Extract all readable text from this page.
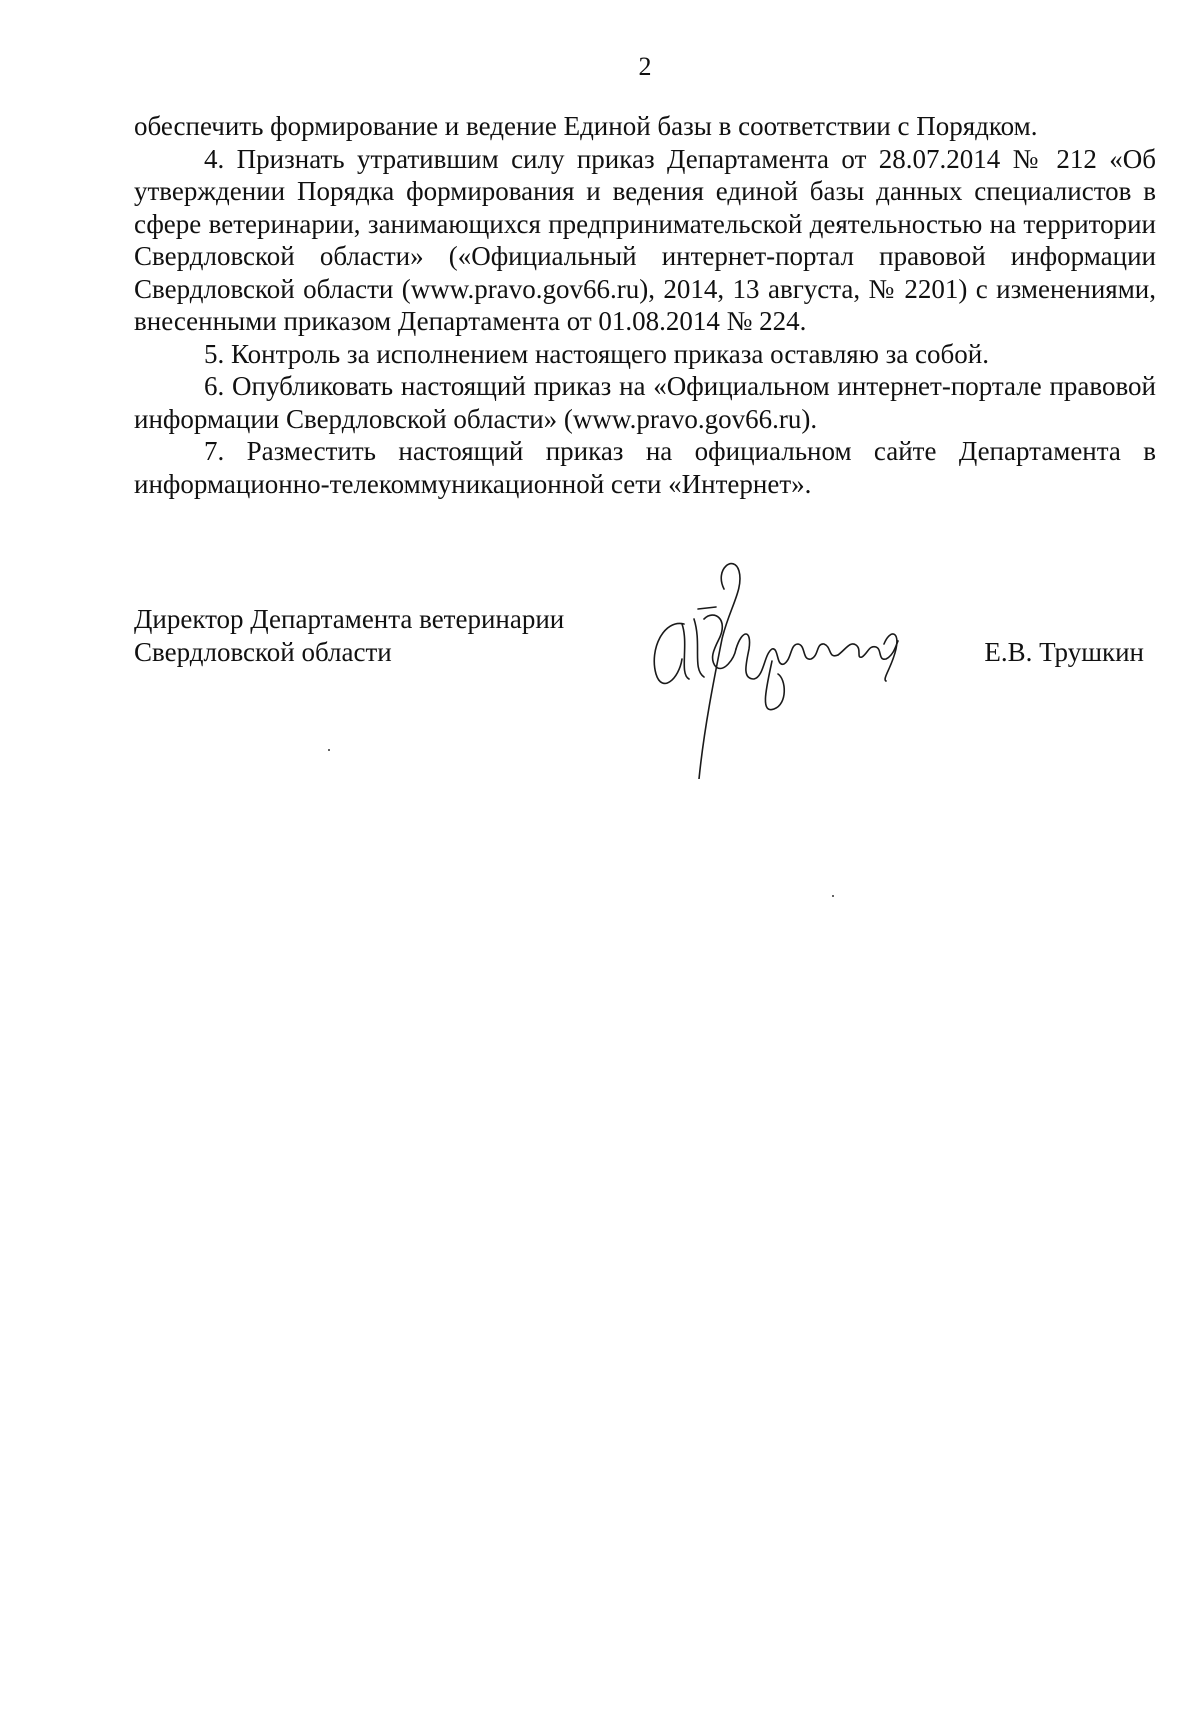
2

обеспечить формирование и ведение Единой базы в соответствии с Порядком.

4. Признать утратившим силу приказ Департамента от 28.07.2014 № 212 «Об утверждении Порядка формирования и ведения единой базы данных специалистов в сфере ветеринарии, занимающихся предпринимательской деятельностью на территории Свердловской области» («Официальный интернет-портал правовой информации Свердловской области (www.pravo.gov66.ru), 2014, 13 августа, № 2201) с изменениями, внесенными приказом Департамента от 01.08.2014 № 224.

5. Контроль за исполнением настоящего приказа оставляю за собой.

6. Опубликовать настоящий приказ на «Официальном интернет-портале правовой информации Свердловской области» (www.pravo.gov66.ru).

7. Разместить настоящий приказ на официальном сайте Департамента в информационно-телекоммуникационной сети «Интернет».

Директор Департамента ветеринарии
Свердловской области	Е.В. Трушкин
